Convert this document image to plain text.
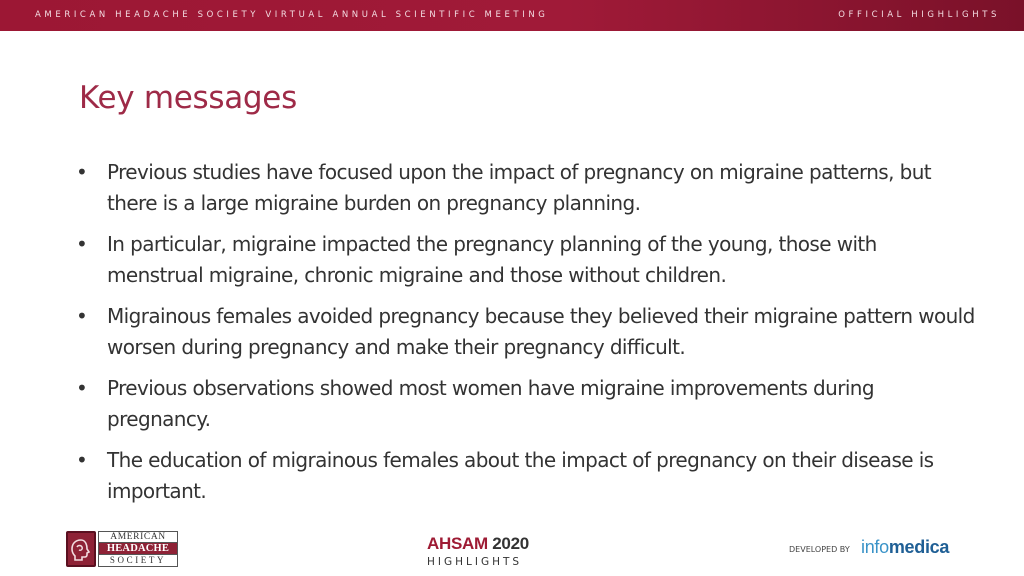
AMERICAN HEADACHE SOCIETY VIRTUAL ANNUAL SCIENTIFIC MEETING	OFFICIAL HIGHLIGHTS
Key messages
• Previous studies have focused upon the impact of pregnancy on migraine patterns, but there is a large migraine burden on pregnancy planning.
• In particular, migraine impacted the pregnancy planning of the young, those with menstrual migraine, chronic migraine and those without children.
• Migrainous females avoided pregnancy because they believed their migraine pattern would worsen during pregnancy and make their pregnancy difficult.
• Previous observations showed most women have migraine improvements during pregnancy.
• The education of migrainous females about the impact of pregnancy on their disease is important.
AMERICAN
HEADACHE
SOCIETY
AHSAM 2020
HIGHLIGHTS
DEVELOPED BY infomedica
